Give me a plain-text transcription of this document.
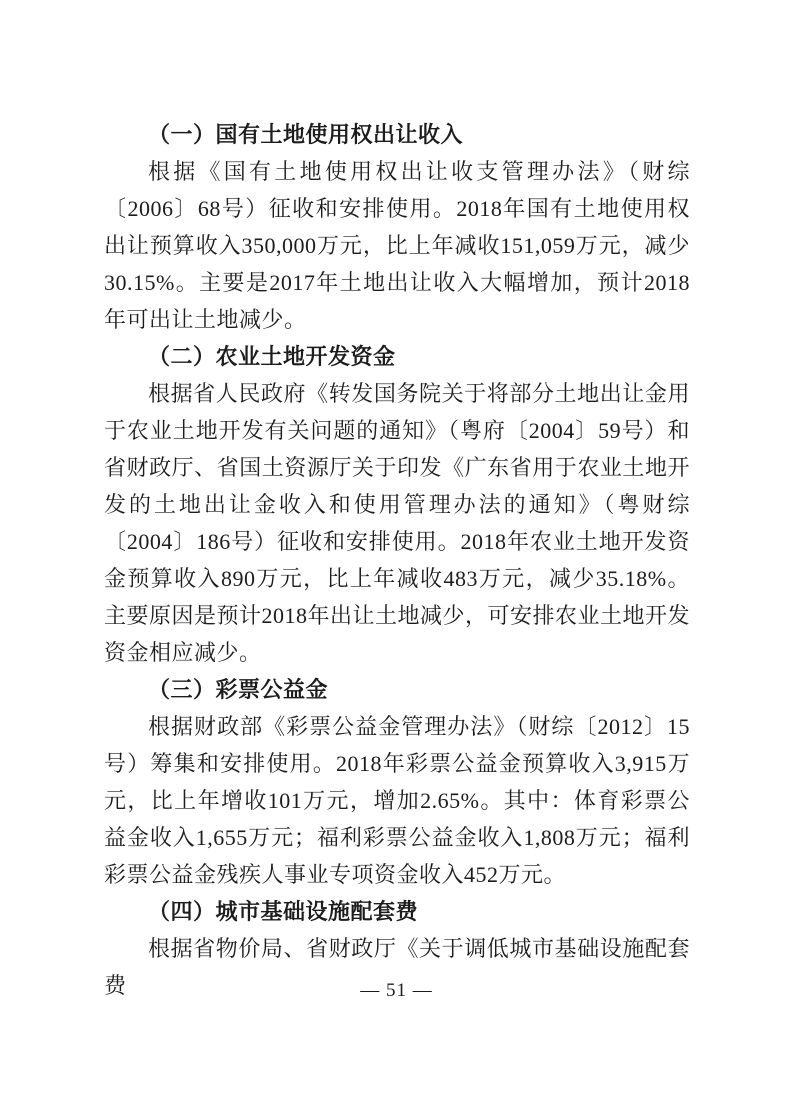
（一）国有土地使用权出让收入

根据《国有土地使用权出让收支管理办法》（财综〔2006〕68号）征收和安排使用。2018年国有土地使用权出让预算收入350,000万元，比上年减收151,059万元，减少30.15%。主要是2017年土地出让收入大幅增加，预计2018年可出让土地减少。

（二）农业土地开发资金

根据省人民政府《转发国务院关于将部分土地出让金用于农业土地开发有关问题的通知》（粤府〔2004〕59号）和省财政厅、省国土资源厅关于印发《广东省用于农业土地开发的土地出让金收入和使用管理办法的通知》（粤财综〔2004〕186号）征收和安排使用。2018年农业土地开发资金预算收入890万元，比上年减收483万元，减少35.18%。主要原因是预计2018年出让土地减少，可安排农业土地开发资金相应减少。

（三）彩票公益金

根据财政部《彩票公益金管理办法》（财综〔2012〕15号）筹集和安排使用。2018年彩票公益金预算收入3,915万元，比上年增收101万元，增加2.65%。其中：体育彩票公益金收入1,655万元；福利彩票公益金收入1,808万元；福利彩票公益金残疾人事业专项资金收入452万元。

（四）城市基础设施配套费

根据省物价局、省财政厅《关于调低城市基础设施配套费	— 51 —
